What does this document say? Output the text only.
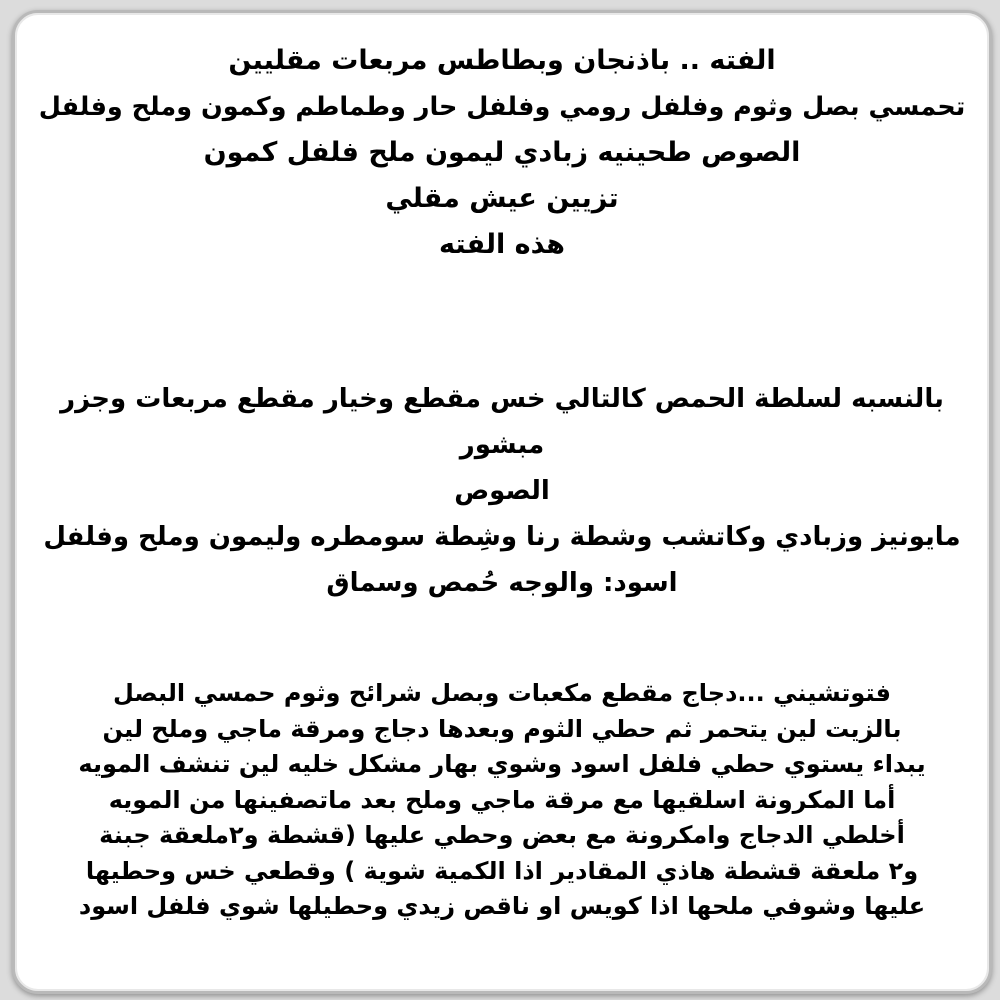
الفته .. باذنجان وبطاطس مربعات مقليين
تحمسي بصل وثوم وفلفل رومي وفلفل حار وطماطم وكمون وملح وفلفل
الصوص طحينيه زبادي ليمون ملح فلفل كمون
تزيين عيش مقلي
هذه الفته
بالنسبه لسلطة الحمص كالتالي خس مقطع وخيار مقطع مربعات وجزر
مبشور
الصوص
مايونيز وزبادي وكاتشب وشطة رنا وشِطة سومطره وليمون وملح وفلفل
اسود: والوجه حُمص وسماق
فتوتشيني ...دجاج مقطع مكعبات وبصل شرائح وثوم حمسي البصل
بالزيت لين يتحمر ثم حطي الثوم وبعدها دجاج ومرقة ماجي وملح لين
يبداء يستوي حطي فلفل اسود وشوي بهار مشكل خليه لين تنشف المويه
أما المكرونة اسلقيها مع مرقة ماجي وملح بعد ماتصفينها من المويه
أخلطي الدجاج وامكرونة مع بعض وحطي عليها (قشطة و٢ملعقة جبنة
و٢ ملعقة قشطة هاذي المقادير اذا الكمية شوية ) وقطعي خس وحطيها
عليها وشوفي ملحها اذا كويس او ناقص زيدي وحطيلها شوي فلفل اسود
